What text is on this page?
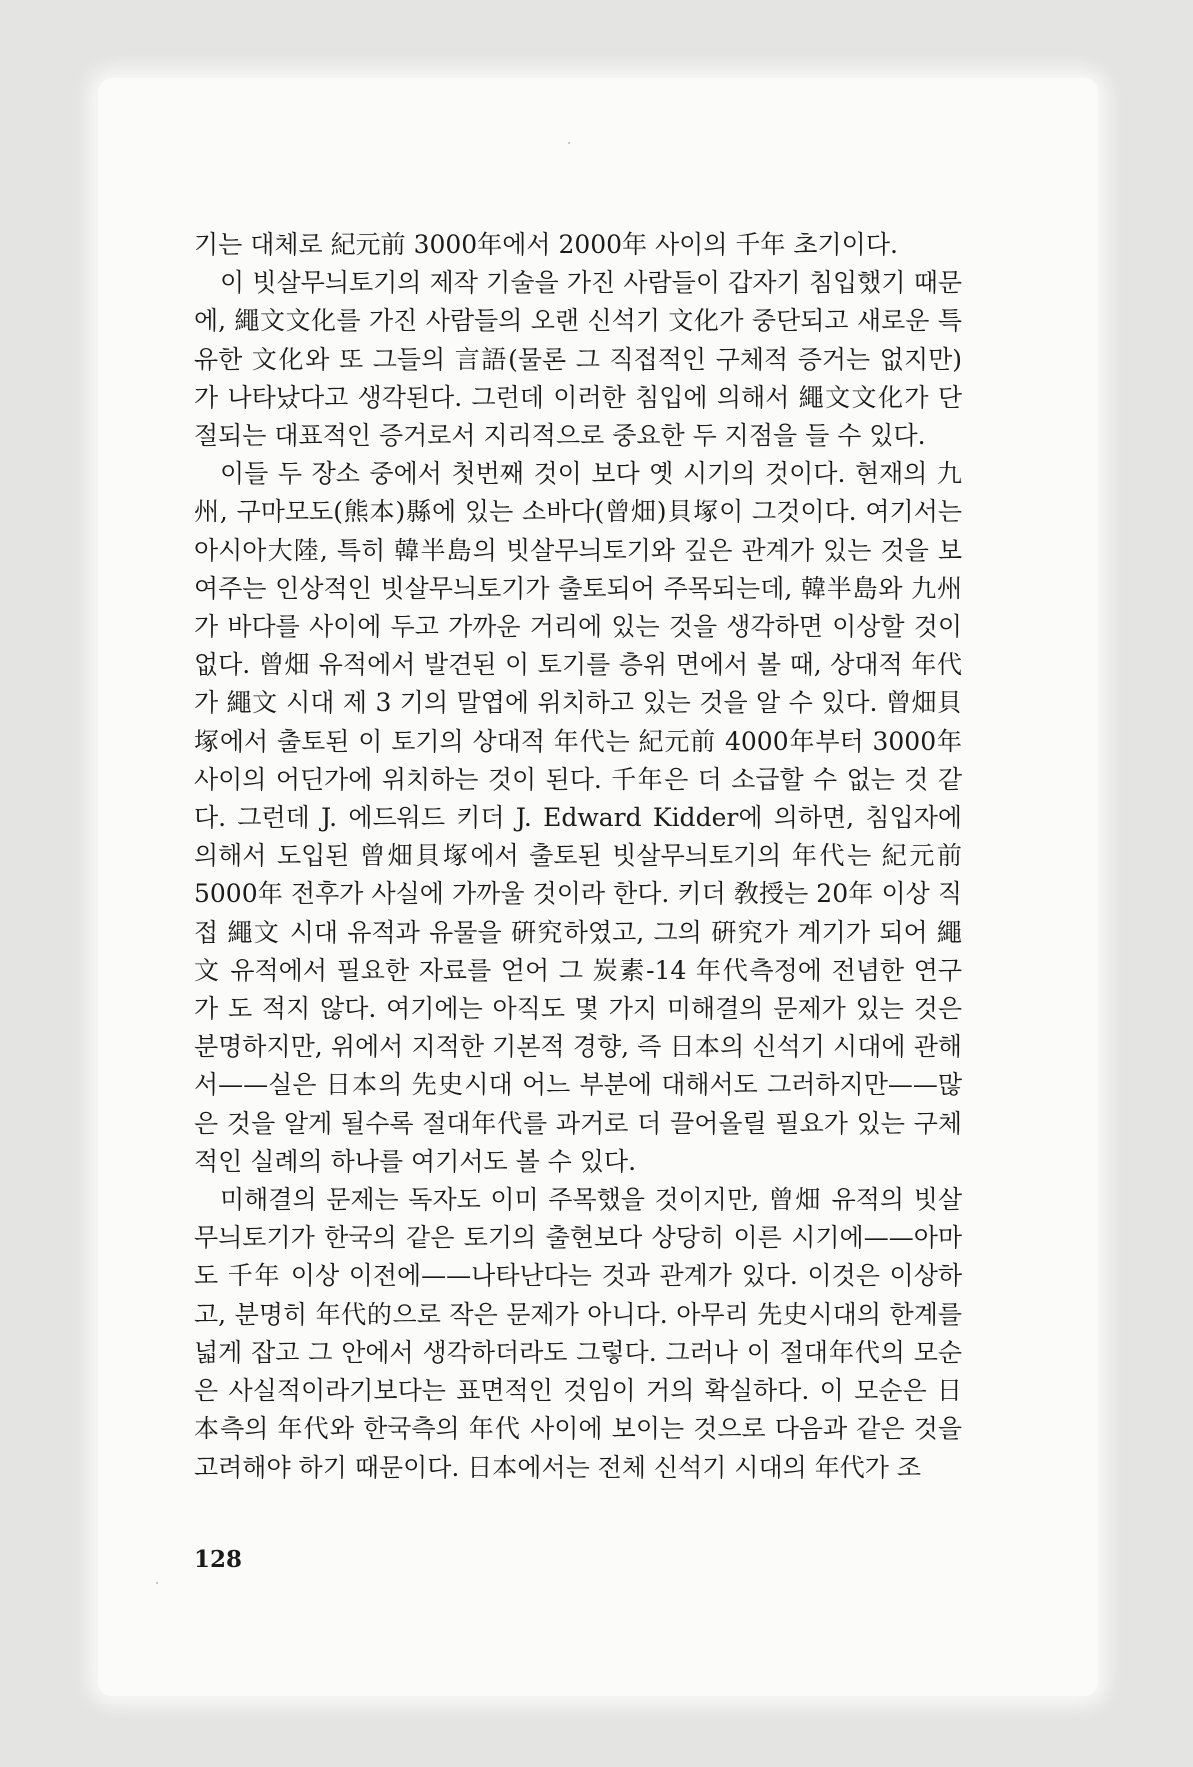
기는 대체로 紀元前 3000年에서 2000年 사이의 千年 초기이다.

이 빗살무늬토기의 제작 기술을 가진 사람들이 갑자기 침입했기 때문에, 繩文文化를 가진 사람들의 오랜 신석기 文化가 중단되고 새로운 특유한 文化와 또 그들의 言語(물론 그 직접적인 구체적 증거는 없지만)가 나타났다고 생각된다. 그런데 이러한 침입에 의해서 繩文文化가 단절되는 대표적인 증거로서 지리적으로 중요한 두 지점을 들 수 있다.

이들 두 장소 중에서 첫번째 것이 보다 옛 시기의 것이다. 현재의 九州, 구마모도(熊本)縣에 있는 소바다(曾畑)貝塚이 그것이다. 여기서는 아시아大陸, 특히 韓半島의 빗살무늬토기와 깊은 관계가 있는 것을 보여주는 인상적인 빗살무늬토기가 출토되어 주목되는데, 韓半島와 九州가 바다를 사이에 두고 가까운 거리에 있는 것을 생각하면 이상할 것이 없다. 曾畑 유적에서 발견된 이 토기를 층위 면에서 볼 때, 상대적 年代가 繩文 시대 제 3 기의 말엽에 위치하고 있는 것을 알 수 있다. 曾畑貝塚에서 출토된 이 토기의 상대적 年代는 紀元前 4000年부터 3000年 사이의 어딘가에 위치하는 것이 된다. 千年은 더 소급할 수 없는 것 같다. 그런데 J. 에드워드 키더 J. Edward Kidder에 의하면, 침입자에 의해서 도입된 曾畑貝塚에서 출토된 빗살무늬토기의 年代는 紀元前 5000年 전후가 사실에 가까울 것이라 한다. 키더 敎授는 20年 이상 직접 繩文 시대 유적과 유물을 硏究하였고, 그의 硏究가 계기가 되어 繩文 유적에서 필요한 자료를 얻어 그 炭素-14 年代측정에 전념한 연구가 도 적지 않다. 여기에는 아직도 몇 가지 미해결의 문제가 있는 것은 분명하지만, 위에서 지적한 기본적 경향, 즉 日本의 신석기 시대에 관해서——실은 日本의 先史시대 어느 부분에 대해서도 그러하지만——많은 것을 알게 될수록 절대年代를 과거로 더 끌어올릴 필요가 있는 구체적인 실례의 하나를 여기서도 볼 수 있다.

미해결의 문제는 독자도 이미 주목했을 것이지만, 曾畑 유적의 빗살무늬토기가 한국의 같은 토기의 출현보다 상당히 이른 시기에——아마도 千年 이상 이전에——나타난다는 것과 관계가 있다. 이것은 이상하고, 분명히 年代的으로 작은 문제가 아니다. 아무리 先史시대의 한계를 넓게 잡고 그 안에서 생각하더라도 그렇다. 그러나 이 절대年代의 모순은 사실적이라기보다는 표면적인 것임이 거의 확실하다. 이 모순은 日本측의 年代와 한국측의 年代 사이에 보이는 것으로 다음과 같은 것을 고려해야 하기 때문이다. 日本에서는 전체 신석기 시대의 年代가 조

128
